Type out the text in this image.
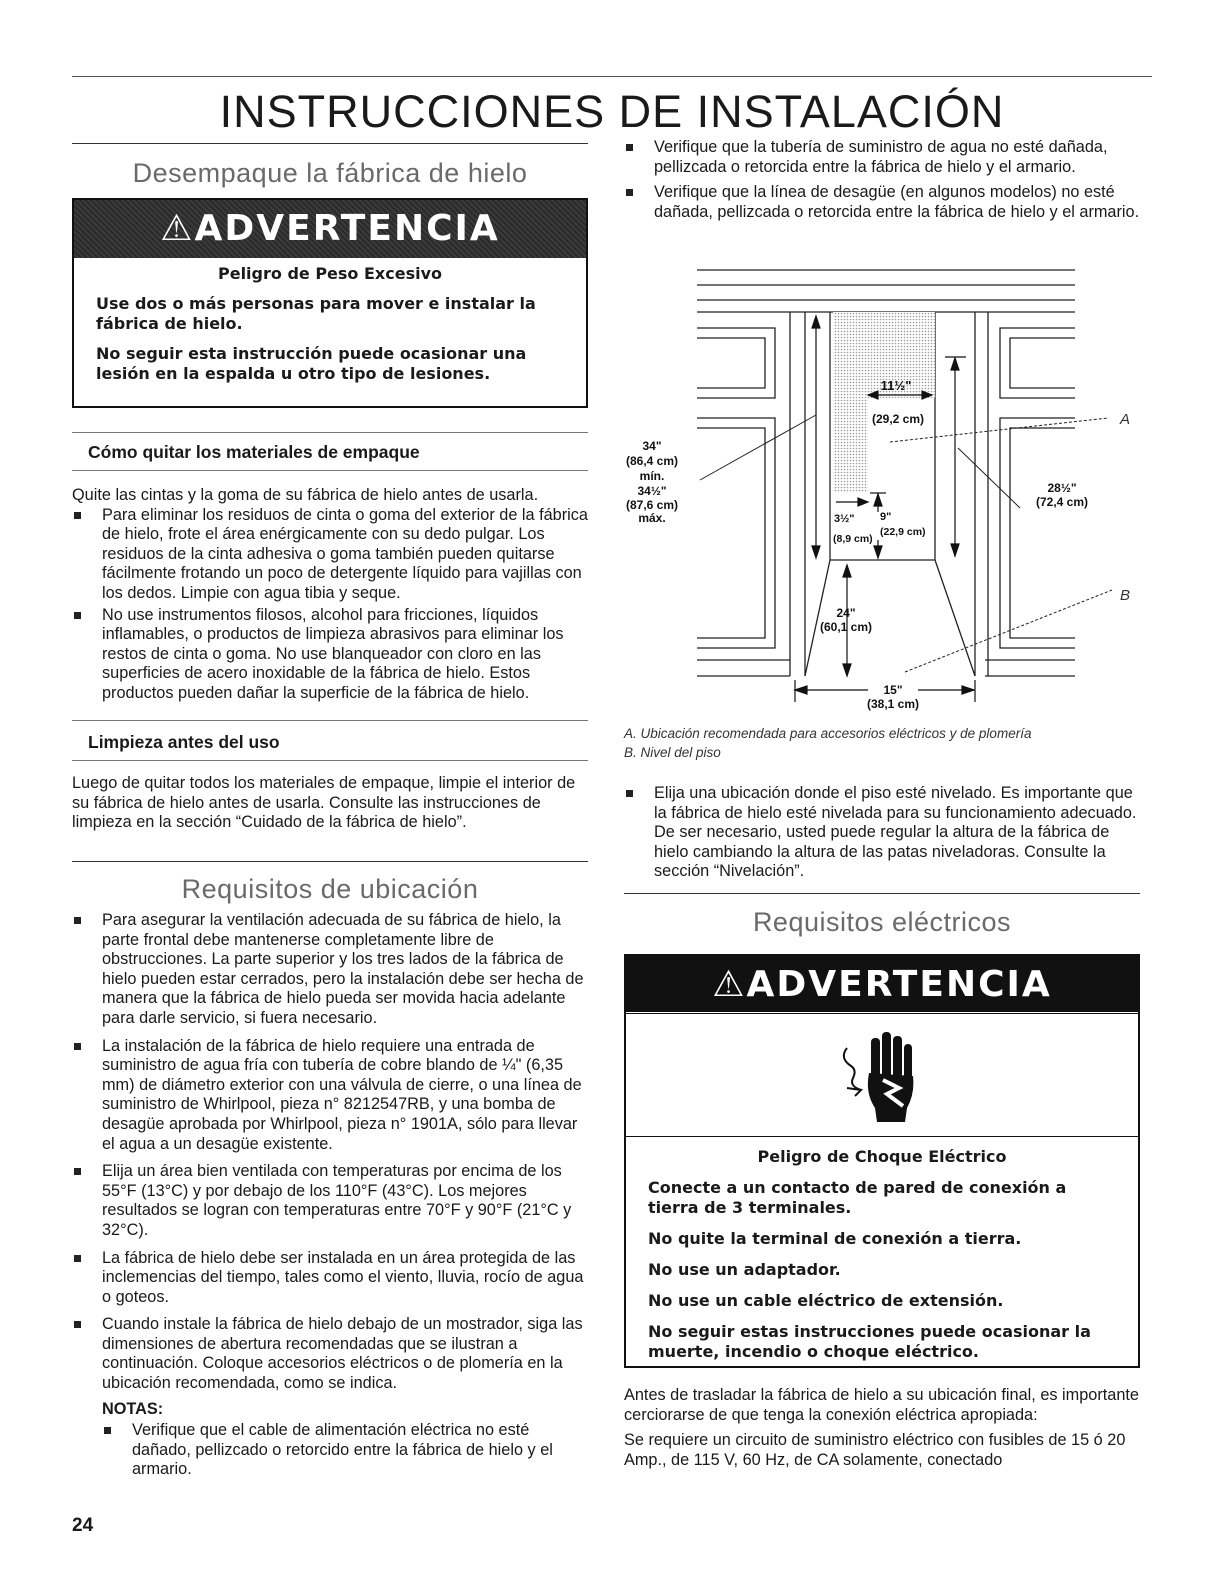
INSTRUCCIONES DE INSTALACIÓN
Desempaque la fábrica de hielo
⚠ADVERTENCIA
Peligro de Peso Excesivo
Use dos o más personas para mover e instalar la fábrica de hielo.
No seguir esta instrucción puede ocasionar una lesión en la espalda u otro tipo de lesiones.
Cómo quitar los materiales de empaque

Quite las cintas y la goma de su fábrica de hielo antes de usarla.

Para eliminar los residuos de cinta o goma del exterior de la fábrica de hielo, frote el área enérgicamente con su dedo pulgar. Los residuos de la cinta adhesiva o goma también pueden quitarse fácilmente frotando un poco de detergente líquido para vajillas con los dedos. Limpie con agua tibia y seque.
No use instrumentos filosos, alcohol para fricciones, líquidos inflamables, o productos de limpieza abrasivos para eliminar los restos de cinta o goma. No use blanqueador con cloro en las superficies de acero inoxidable de la fábrica de hielo. Estos productos pueden dañar la superficie de la fábrica de hielo.
Limpieza antes del uso
Luego de quitar todos los materiales de empaque, limpie el interior de su fábrica de hielo antes de usarla. Consulte las instrucciones de limpieza en la sección “Cuidado de la fábrica de hielo”.
Requisitos de ubicación
Para asegurar la ventilación adecuada de su fábrica de hielo, la parte frontal debe mantenerse completamente libre de obstrucciones. La parte superior y los tres lados de la fábrica de hielo pueden estar cerrados, pero la instalación debe ser hecha de manera que la fábrica de hielo pueda ser movida hacia adelante para darle servicio, si fuera necesario.
La instalación de la fábrica de hielo requiere una entrada de suministro de agua fría con tubería de cobre blando de ¼" (6,35 mm) de diámetro exterior con una válvula de cierre, o una línea de suministro de Whirlpool, pieza n° 8212547RB, y una bomba de desagüe aprobada por Whirlpool, pieza n° 1901A, sólo para llevar el agua a un desagüe existente.
Elija un área bien ventilada con temperaturas por encima de los 55°F (13°C) y por debajo de los 110°F (43°C). Los mejores resultados se logran con temperaturas entre 70°F y 90°F (21°C y 32°C).
La fábrica de hielo debe ser instalada en un área protegida de las inclemencias del tiempo, tales como el viento, lluvia, rocío de agua o goteos.
Cuando instale la fábrica de hielo debajo de un mostrador, siga las dimensiones de abertura recomendadas que se ilustran a continuación. Coloque accesorios eléctricos o de plomería en la ubicación recomendada, como se indica.
NOTAS:
Verifique que el cable de alimentación eléctrica no esté dañado, pellizcado o retorcido entre la fábrica de hielo y el armario.
Verifique que la tubería de suministro de agua no esté dañada, pellizcada o retorcida entre la fábrica de hielo y el armario.
Verifique que la línea de desagüe (en algunos modelos) no esté dañada, pellizcada o retorcida entre la fábrica de hielo y el armario.
34"
(86,4 cm)
mín.
34½"
(87,6 cm)
máx.
11½"
(29,2 cm)
28½"
(72,4 cm)
3½"
(8,9 cm)
9"
(22,9 cm)
24"
(60,1 cm)
15"
(38,1 cm)
A
B
A. Ubicación recomendada para accesorios eléctricos y de plomería
B. Nivel del piso
Elija una ubicación donde el piso esté nivelado. Es importante que la fábrica de hielo esté nivelada para su funcionamiento adecuado. De ser necesario, usted puede regular la altura de la fábrica de hielo cambiando la altura de las patas niveladoras. Consulte la sección “Nivelación”.
Requisitos eléctricos
⚠ADVERTENCIA
Peligro de Choque Eléctrico
Conecte a un contacto de pared de conexión a tierra de 3 terminales.
No quite la terminal de conexión a tierra.
No use un adaptador.
No use un cable eléctrico de extensión.
No seguir estas instrucciones puede ocasionar la muerte, incendio o choque eléctrico.

Antes de trasladar la fábrica de hielo a su ubicación final, es importante cerciorarse de que tenga la conexión eléctrica apropiada:

Se requiere un circuito de suministro eléctrico con fusibles de 15 ó 20 Amp., de 115 V, 60 Hz, de CA solamente, conectado

24
